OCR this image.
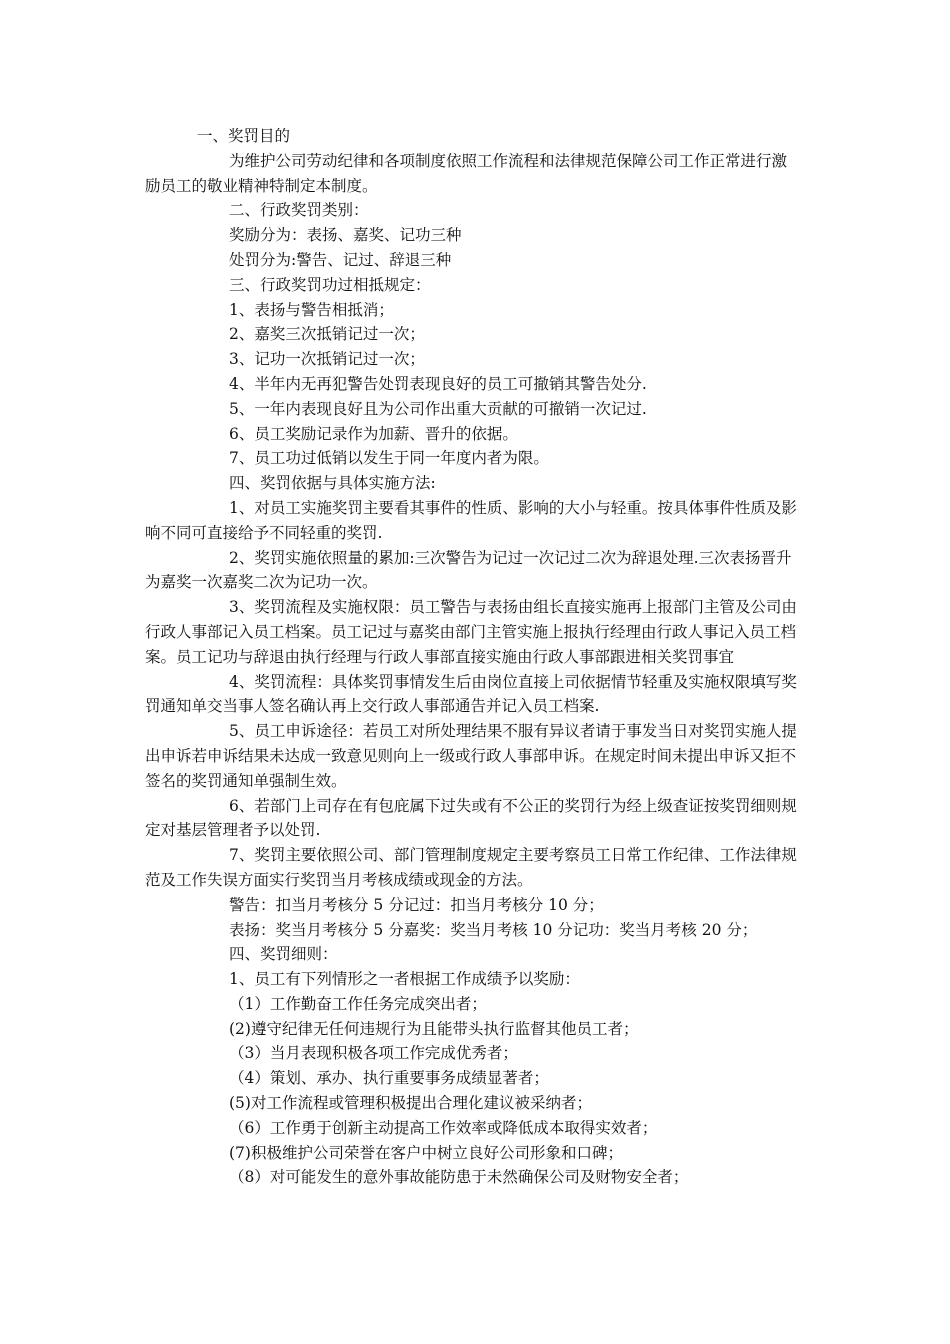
一、奖罚目的

为维护公司劳动纪律和各项制度依照工作流程和法律规范保障公司工作正常进行激励员工的敬业精神特制定本制度。

二、行政奖罚类别：

奖励分为：表扬、嘉奖、记功三种

处罚分为:警告、记过、辞退三种

三、行政奖罚功过相抵规定：

1、表扬与警告相抵消；

2、嘉奖三次抵销记过一次；

3、记功一次抵销记过一次；

4、半年内无再犯警告处罚表现良好的员工可撤销其警告处分.

5、一年内表现良好且为公司作出重大贡献的可撤销一次记过.

6、员工奖励记录作为加薪、晋升的依据。

7、员工功过低销以发生于同一年度内者为限。

四、奖罚依据与具体实施方法:

1、对员工实施奖罚主要看其事件的性质、影响的大小与轻重。按具体事件性质及影响不同可直接给予不同轻重的奖罚.

2、奖罚实施依照量的累加:三次警告为记过一次记过二次为辞退处理.三次表扬晋升为嘉奖一次嘉奖二次为记功一次。

3、奖罚流程及实施权限：员工警告与表扬由组长直接实施再上报部门主管及公司由行政人事部记入员工档案。员工记过与嘉奖由部门主管实施上报执行经理由行政人事记入员工档案。员工记功与辞退由执行经理与行政人事部直接实施由行政人事部跟进相关奖罚事宜

4、奖罚流程：具体奖罚事情发生后由岗位直接上司依据情节轻重及实施权限填写奖罚通知单交当事人签名确认再上交行政人事部通告并记入员工档案.

5、员工申诉途径：若员工对所处理结果不服有异议者请于事发当日对奖罚实施人提出申诉若申诉结果未达成一致意见则向上一级或行政人事部申诉。在规定时间未提出申诉又拒不签名的奖罚通知单强制生效。

6、若部门上司存在有包庇属下过失或有不公正的奖罚行为经上级查证按奖罚细则规定对基层管理者予以处罚.

7、奖罚主要依照公司、部门管理制度规定主要考察员工日常工作纪律、工作法律规范及工作失误方面实行奖罚当月考核成绩或现金的方法。

警告：扣当月考核分 5 分记过：扣当月考核分 10 分；

表扬：奖当月考核分 5 分嘉奖：奖当月考核 10 分记功：奖当月考核 20 分；

四、奖罚细则：

1、员工有下列情形之一者根据工作成绩予以奖励：

（1）工作勤奋工作任务完成突出者；

(2)遵守纪律无任何违规行为且能带头执行监督其他员工者；

（3）当月表现积极各项工作完成优秀者；

（4）策划、承办、执行重要事务成绩显著者；

(5)对工作流程或管理积极提出合理化建议被采纳者；

（6）工作勇于创新主动提高工作效率或降低成本取得实效者；

(7)积极维护公司荣誉在客户中树立良好公司形象和口碑；

（8）对可能发生的意外事故能防患于未然确保公司及财物安全者；
